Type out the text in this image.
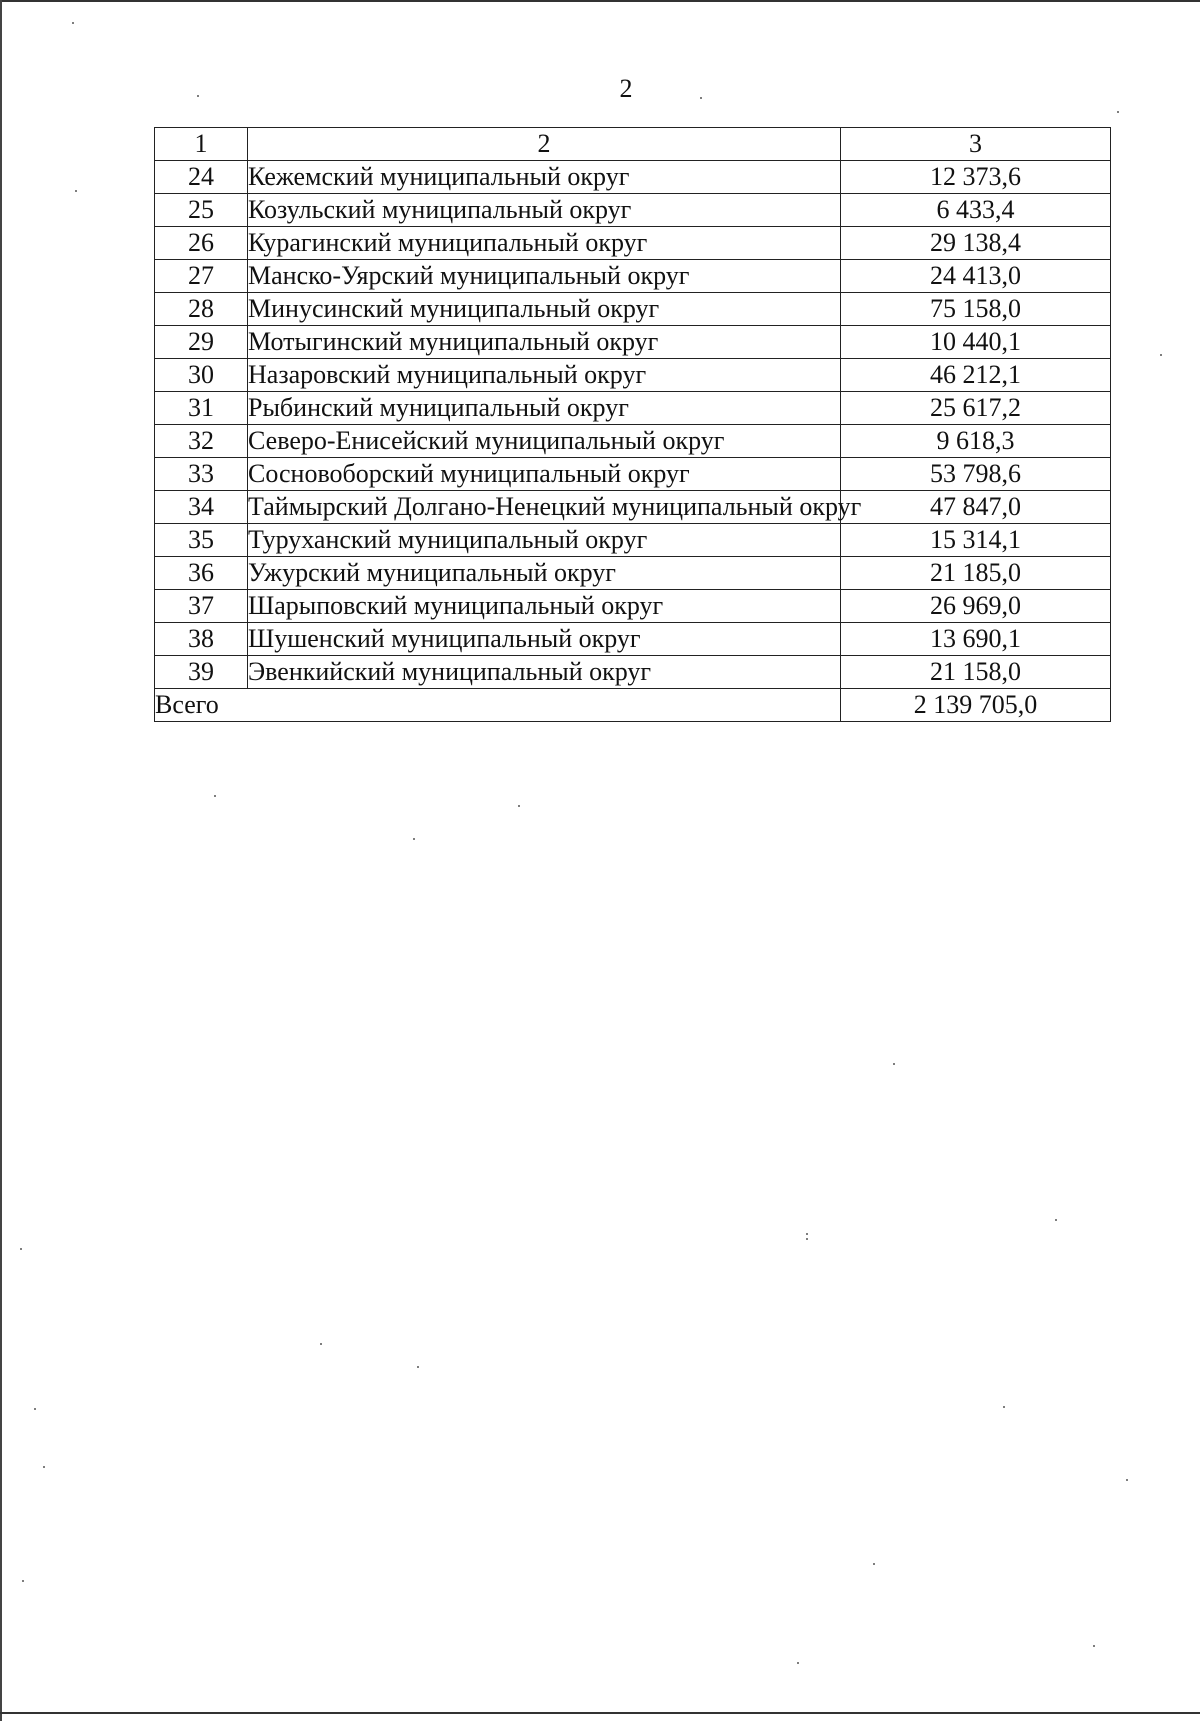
2
1	2	3
24	Кежемский муниципальный округ	12 373,6
25	Козульский муниципальный округ	6 433,4
26	Курагинский муниципальный округ	29 138,4
27	Манско-Уярский муниципальный округ	24 413,0
28	Минусинский муниципальный округ	75 158,0
29	Мотыгинский муниципальный округ	10 440,1
30	Назаровский муниципальный округ	46 212,1
31	Рыбинский муниципальный округ	25 617,2
32	Северо-Енисейский муниципальный округ	9 618,3
33	Сосновоборский муниципальный округ	53 798,6
34	Таймырский Долгано-Ненецкий муниципальный округ	47 847,0
35	Туруханский муниципальный округ	15 314,1
36	Ужурский муниципальный округ	21 185,0
37	Шарыповский муниципальный округ	26 969,0
38	Шушенский муниципальный округ	13 690,1
39	Эвенкийский муниципальный округ	21 158,0
Всего		2 139 705,0
